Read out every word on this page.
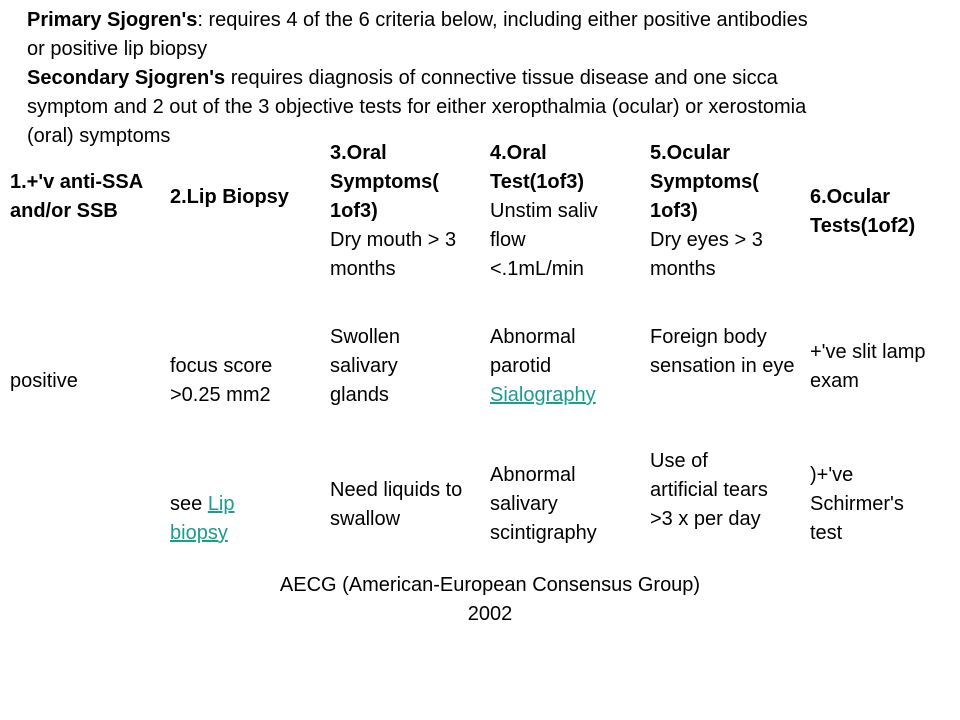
Primary Sjogren's: requires 4 of the 6 criteria below, including either positive antibodies

or positive lip biopsy

Secondary Sjogren's requires diagnosis of connective tissue disease and one sicca

symptom and 2 out of the 3 objective tests for either xeropthalmia (ocular) or xerostomia

(oral) symptoms

1.+'v anti-SSA and/or SSB
2.Lip Biopsy
3.Oral Symptoms( 1of3)
Dry mouth > 3 months
4.Oral Test(1of3)
Unstim saliv flow <.1mL/min
5.Ocular Symptoms( 1of3)
Dry eyes > 3 months
6.Ocular Tests(1of2)
positive
focus score >0.25 mm2
Swollen salivary glands
Abnormal parotid
Sialography
Foreign body sensation in eye
+'ve slit lamp exam
see Lip
biopsy
Need liquids to swallow
Abnormal salivary scintigraphy
Use of artificial tears >3 x per day
)+'ve Schirmer's test
AECG (American-European Consensus Group)
2002
